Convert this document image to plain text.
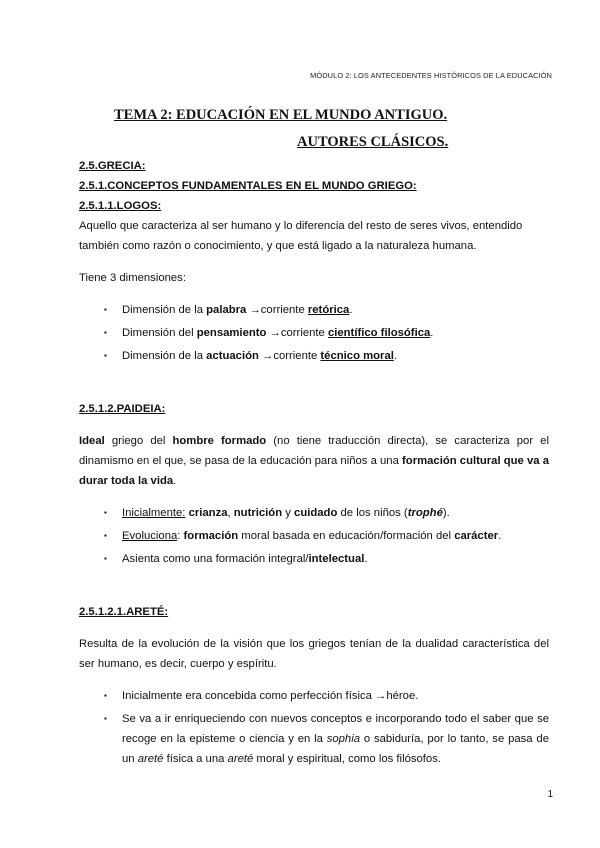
MÓDULO 2: LOS ANTECEDENTES HISTÓRICOS DE LA EDUCACIÓN
TEMA 2: EDUCACIÓN EN EL MUNDO ANTIGUO.
AUTORES CLÁSICOS.
2.5.GRECIA:
2.5.1.CONCEPTOS FUNDAMENTALES EN EL MUNDO GRIEGO:
2.5.1.1.LOGOS:

Aquello que caracteriza al ser humano y lo diferencia del resto de seres vivos, entendido también como razón o conocimiento, y que está ligado a la naturaleza humana.

Tiene 3 dimensiones:

▪ Dimensión de la palabra →corriente retórica.
▪ Dimensión del pensamiento →corriente científico filosófica.
▪ Dimensión de la actuación →corriente técnico moral.
2.5.1.2.PAIDEIA:

Ideal griego del hombre formado (no tiene traducción directa), se caracteriza por el dinamismo en el que, se pasa de la educación para niños a una formación cultural que va a durar toda la vida.

▪ Inicialmente: crianza, nutrición y cuidado de los niños (trophé).
▪ Evoluciona: formación moral basada en educación/formación del carácter.
▪ Asienta como una formación integral/intelectual.
2.5.1.2.1.ARETÉ:

Resulta de la evolución de la visión que los griegos tenían de la dualidad característica del ser humano, es decir, cuerpo y espíritu.

▪ Inicialmente era concebida como perfección física →héroe.
▪ Se va a ir enriqueciendo con nuevos conceptos e incorporando todo el saber que se recoge en la episteme o ciencia y en la sophia o sabiduría, por lo tanto, se pasa de un areté física a una areté moral y espiritual, como los filósofos.
1
